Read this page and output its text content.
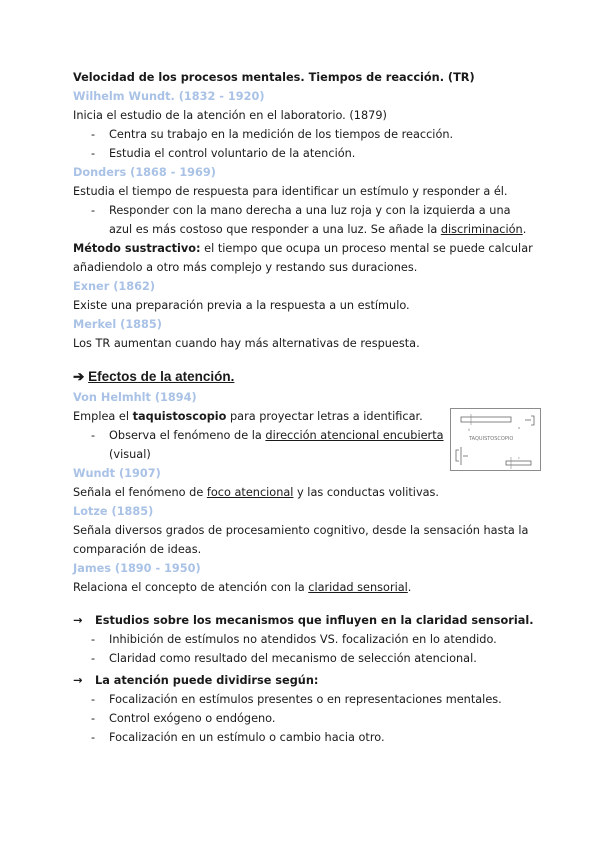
Velocidad de los procesos mentales. Tiempos de reacción. (TR)
Wilhelm Wundt. (1832 - 1920)
Inicia el estudio de la atención en el laboratorio. (1879)
- Centra su trabajo en la medición de los tiempos de reacción.
- Estudia el control voluntario de la atención.
Donders (1868 - 1969)
Estudia el tiempo de respuesta para identificar un estímulo y responder a él.
- Responder con la mano derecha a una luz roja y con la izquierda a una
azul es más costoso que responder a una luz. Se añade la discriminación.
Método sustractivo: el tiempo que ocupa un proceso mental se puede calcular
añadiendolo a otro más complejo y restando sus duraciones.
Exner (1862)
Existe una preparación previa a la respuesta a un estímulo.
Merkel (1885)
Los TR aumentan cuando hay más alternativas de respuesta.
➔ Efectos de la atención.
Von Helmhlt (1894)
Emplea el taquistoscopio para proyectar letras a identificar.
- Observa el fenómeno de la dirección atencional encubierta
(visual)
Wundt (1907)
Señala el fenómeno de foco atencional y las conductas volitivas.
Lotze (1885)
Señala diversos grados de procesamiento cognitivo, desde la sensación hasta la
comparación de ideas.
James (1890 - 1950)
Relaciona el concepto de atención con la claridad sensorial.
→ Estudios sobre los mecanismos que influyen en la claridad sensorial.
- Inhibición de estímulos no atendidos VS. focalización en lo atendido.
- Claridad como resultado del mecanismo de selección atencional.
→ La atención puede dividirse según:
- Focalización en estímulos presentes o en representaciones mentales.
- Control exógeno o endógeno.
- Focalización en un estímulo o cambio hacia otro.
0	a
TAQUISTOSCOPIO
c
